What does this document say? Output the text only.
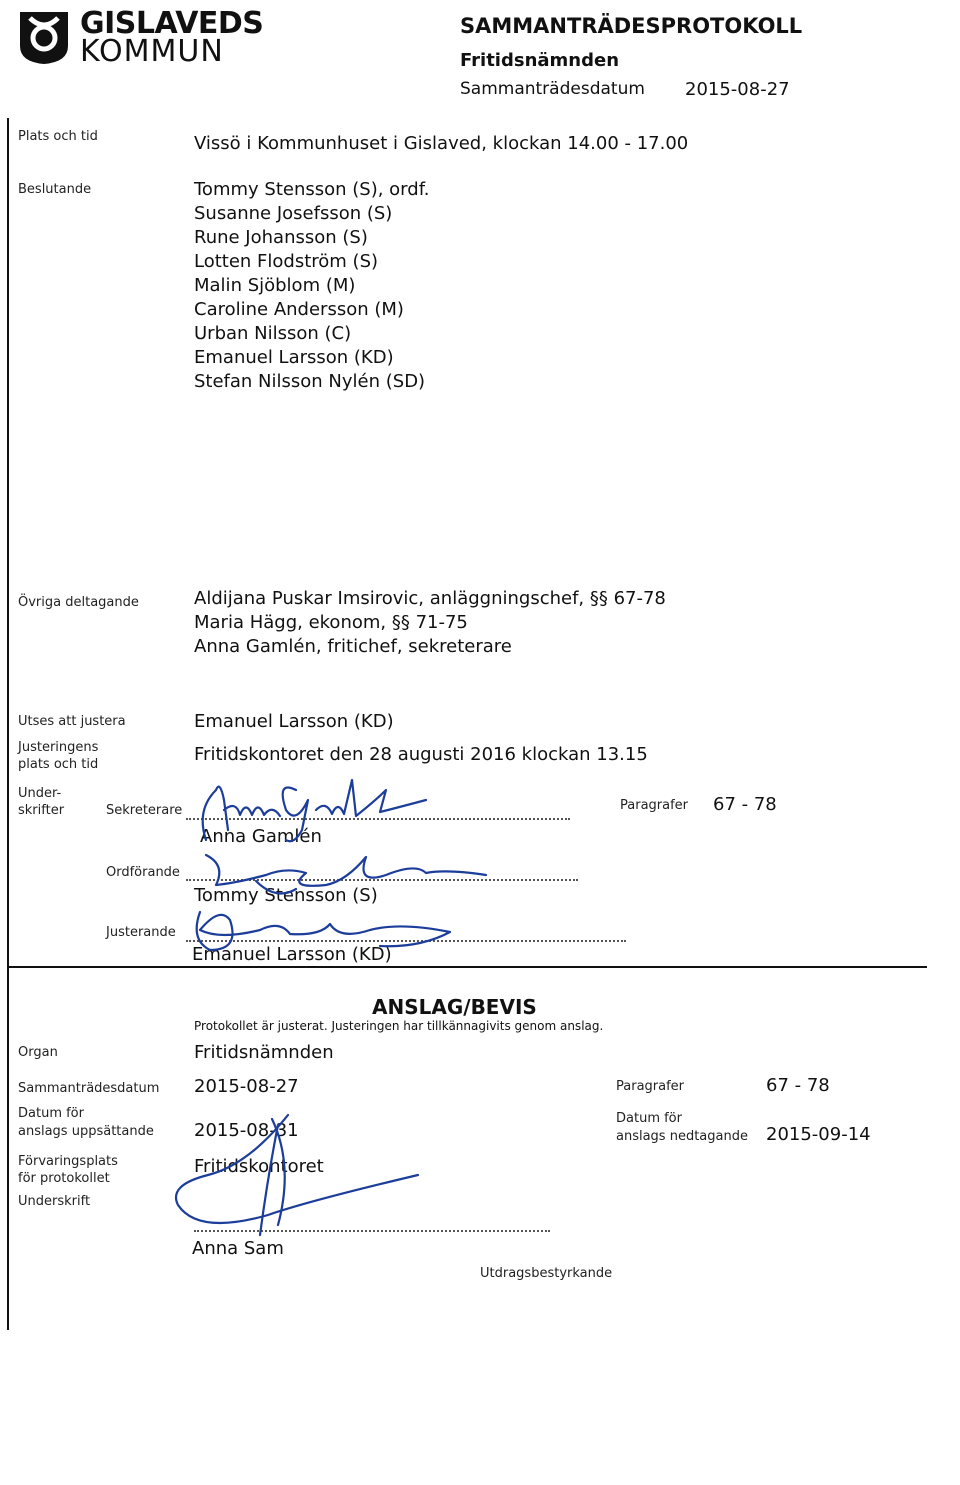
GISLAVEDS
KOMMUN
SAMMANTRÄDESPROTOKOLL
Fritidsnämnden
Sammanträdesdatum 2015-08-27
Plats och tid	Vissö i Kommunhuset i Gislaved, klockan 14.00 - 17.00
Beslutande	Tommy Stensson (S), ordf.
Susanne Josefsson (S)
Rune Johansson (S)
Lotten Flodström (S)
Malin Sjöblom (M)
Caroline Andersson (M)
Urban Nilsson (C)
Emanuel Larsson (KD)
Stefan Nilsson Nylén (SD)
Övriga deltagande	Aldijana Puskar Imsirovic, anläggningschef, §§ 67-78
Maria Hägg, ekonom, §§ 71-75
Anna Gamlén, fritichef, sekreterare
Utses att justera	Emanuel Larsson (KD)
Justeringens
plats och tid	Fritidskontoret den 28 augusti 2016 klockan 13.15
Under-
skrifter	Sekreterare
Anna Gamlén
Paragrafer 67 - 78
Ordförande
Tommy Stensson (S)
Justerande
Emanuel Larsson (KD)
ANSLAG/BEVIS
Protokollet är justerat. Justeringen har tillkännagivits genom anslag.
Organ	Fritidsnämnden
Sammanträdesdatum 2015-08-27	Paragrafer	67 - 78
Datum för
anslags uppsättande 2015-08-31
Datum för
anslags nedtagande 2015-09-14
Förvaringsplats
för protokollet
Fritidskontoret
Underskrift
Anna Sam
Utdragsbestyrkande
